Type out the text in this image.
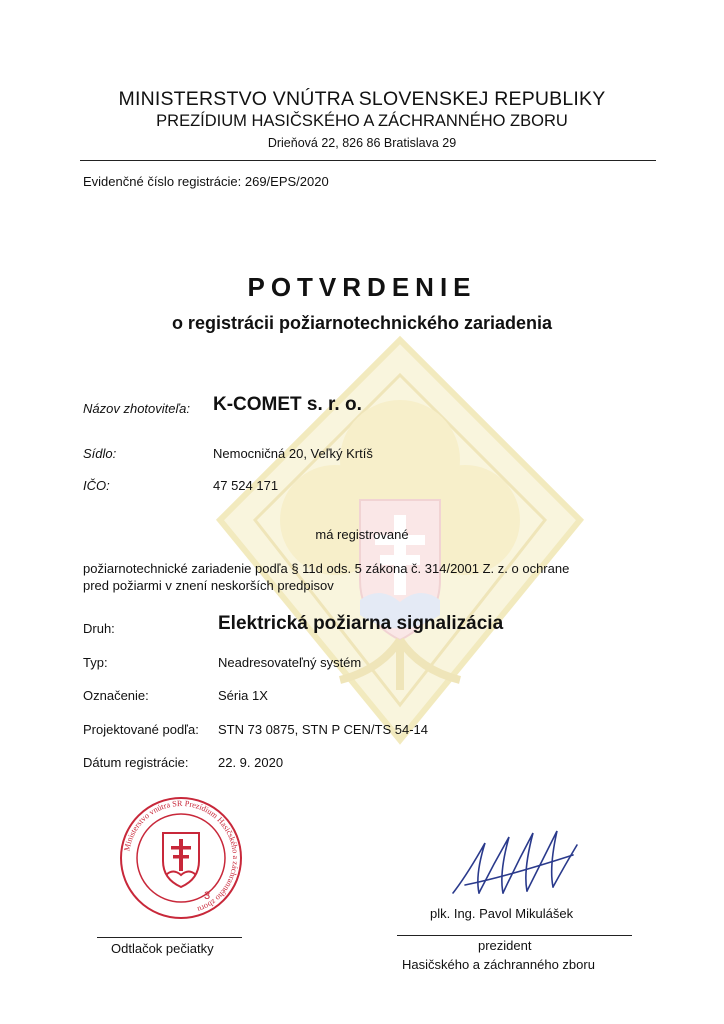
MINISTERSTVO VNÚTRA SLOVENSKEJ REPUBLIKY
PREZÍDIUM HASIČSKÉHO A ZÁCHRANNÉHO ZBORU
Drieňová 22, 826 86 Bratislava 29
Evidenčné číslo registrácie: 269/EPS/2020
POTVRDENIE
o registrácii požiarnotechnického zariadenia
Názov zhotoviteľa: K-COMET s. r. o.
Sídlo:	Nemocničná 20, Veľký Krtíš
IČO:	47 524 171
má registrované
požiarnotechnické zariadenie podľa § 11d ods. 5 zákona č. 314/2001 Z. z. o ochrane
pred požiarmi v znení neskorších predpisov
Druh:	Elektrická požiarna signalizácia
Typ:	Neadresovateľný systém
Označenie:	Séria 1X
Projektované podľa: STN 73 0875, STN P CEN/TS 54-14
Dátum registrácie: 22. 9. 2020
Ministerstvo vnútra SR Prezídium Hasičského a záchranného zboru
3
Odtlačok pečiatky
plk. Ing. Pavol Mikulášek
prezident
Hasičského a záchranného zboru
